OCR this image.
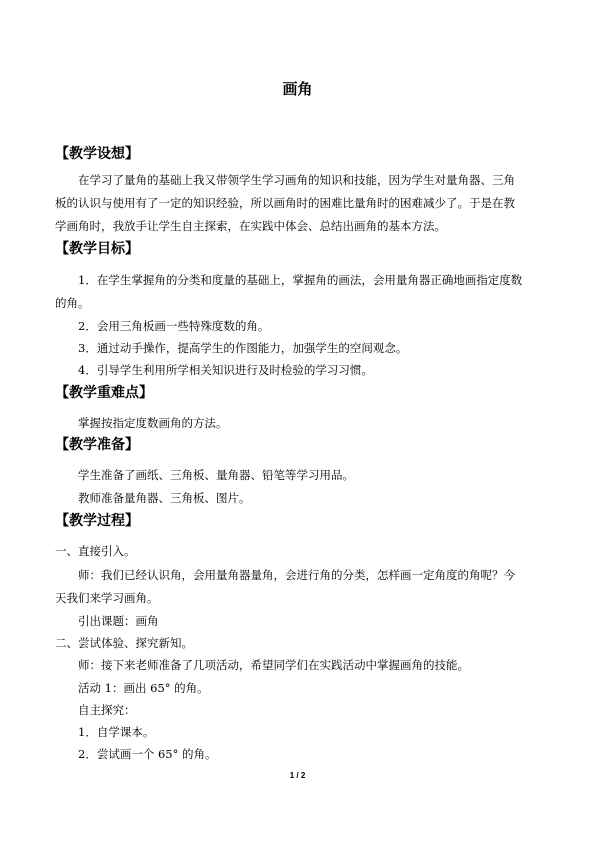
画角
【教学设想】
在学习了量角的基础上我又带领学生学习画角的知识和技能，因为学生对量角器、三角
板的认识与使用有了一定的知识经验，所以画角时的困难比量角时的困难减少了。于是在教
学画角时，我放手让学生自主探索，在实践中体会、总结出画角的基本方法。
【教学目标】
1．在学生掌握角的分类和度量的基础上，掌握角的画法，会用量角器正确地画指定度数
的角。
2．会用三角板画一些特殊度数的角。
3．通过动手操作，提高学生的作图能力，加强学生的空间观念。
4．引导学生利用所学相关知识进行及时检验的学习习惯。
【教学重难点】
掌握按指定度数画角的方法。
【教学准备】
学生准备了画纸、三角板、量角器、铅笔等学习用品。
教师准备量角器、三角板、图片。
【教学过程】
一、直接引入。
师：我们已经认识角，会用量角器量角，会进行角的分类，怎样画一定角度的角呢？今
天我们来学习画角。
引出课题：画角
二、尝试体验、探究新知。
师：接下来老师准备了几项活动，希望同学们在实践活动中掌握画角的技能。
活动 1：画出 65° 的角。
自主探究：
1．自学课本。
2．尝试画一个 65° 的角。
1 / 2
